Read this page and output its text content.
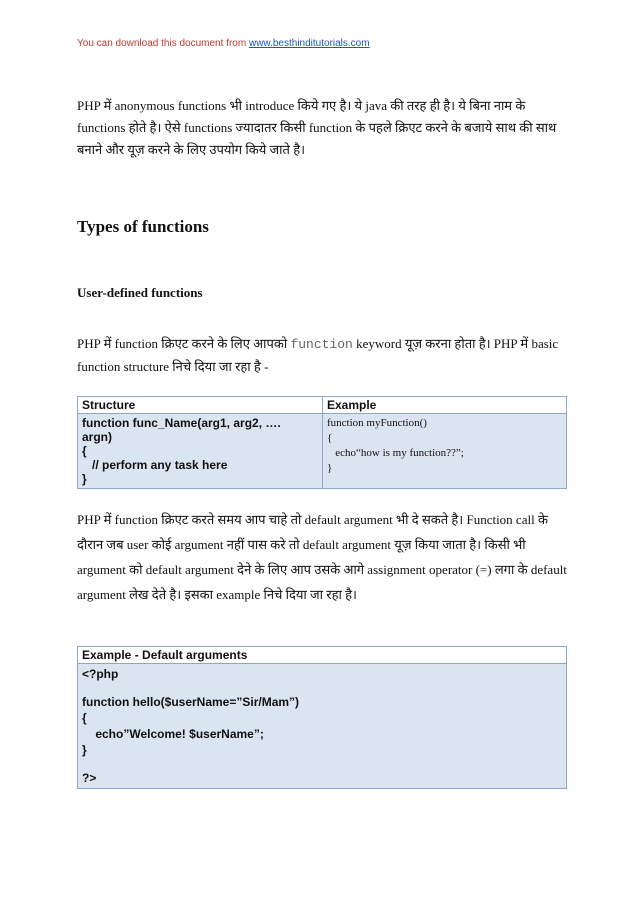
You can download this document from www.besthinditutorials.com
PHP में anonymous functions भी introduce किये गए है। ये java की तरह ही है। ये बिना नाम के functions होते है। ऐसे functions ज्यादातर किसी function के पहले क्रिएट करने के बजाये साथ की साथ बनाने और यूज़ करने के लिए उपयोग किये जाते है।
Types of functions
User-defined functions
PHP में function क्रिएट करने के लिए आपको function keyword यूज़ करना होता है। PHP में basic function structure निचे दिया जा रहा है -
Structure	Example

function func_Name(arg1, arg2, ….
argn)
{
// perform any task here
}	function myFunction()
{
echo“how is my function??”;
}
PHP में function क्रिएट करते समय आप चाहे तो default argument भी दे सकते है। Function call के दौरान जब user कोई argument नहीं पास करे तो default argument यूज़ किया जाता है। किसी भी argument को default argument देने के लिए आप उसके आगे assignment operator (=) लगा के default argument लेख देते है। इसका example निचे दिया जा रहा है।
Example - Default arguments

<?php
function hello($userName=”Sir/Mam”)
{
echo”Welcome! $userName”;
}
?>
